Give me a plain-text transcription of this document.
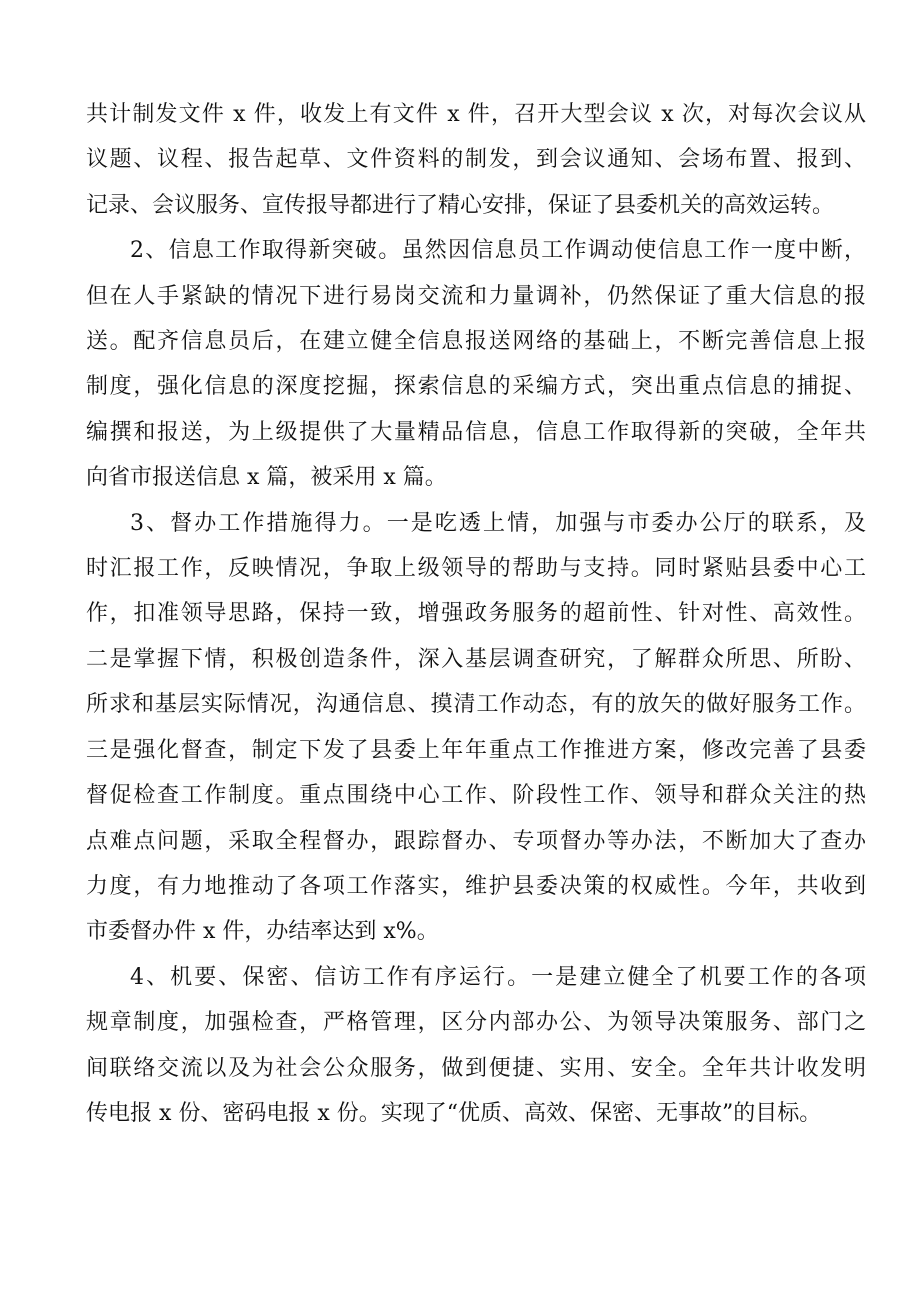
共计制发文件 x 件，收发上有文件 x 件，召开大型会议 x 次，对每次会议从
议题、议程、报告起草、文件资料的制发，到会议通知、会场布置、报到、
记录、会议服务、宣传报导都进行了精心安排，保证了县委机关的高效运转。
2、信息工作取得新突破。虽然因信息员工作调动使信息工作一度中断，
但在人手紧缺的情况下进行易岗交流和力量调补，仍然保证了重大信息的报
送。配齐信息员后，在建立健全信息报送网络的基础上，不断完善信息上报
制度，强化信息的深度挖掘，探索信息的采编方式，突出重点信息的捕捉、
编撰和报送，为上级提供了大量精品信息，信息工作取得新的突破，全年共
向省市报送信息 x 篇，被采用 x 篇。
3、督办工作措施得力。一是吃透上情，加强与市委办公厅的联系，及
时汇报工作，反映情况，争取上级领导的帮助与支持。同时紧贴县委中心工
作，扣准领导思路，保持一致，增强政务服务的超前性、针对性、高效性。
二是掌握下情，积极创造条件，深入基层调查研究，了解群众所思、所盼、
所求和基层实际情况，沟通信息、摸清工作动态，有的放矢的做好服务工作。
三是强化督查，制定下发了县委上年年重点工作推进方案，修改完善了县委
督促检查工作制度。重点围绕中心工作、阶段性工作、领导和群众关注的热
点难点问题，采取全程督办，跟踪督办、专项督办等办法，不断加大了查办
力度，有力地推动了各项工作落实，维护县委决策的权威性。今年，共收到
市委督办件 x 件，办结率达到 x%。
4、机要、保密、信访工作有序运行。一是建立健全了机要工作的各项
规章制度，加强检查，严格管理，区分内部办公、为领导决策服务、部门之
间联络交流以及为社会公众服务，做到便捷、实用、安全。全年共计收发明
传电报 x 份、密码电报 x 份。实现了“优质、高效、保密、无事故”的目标。
